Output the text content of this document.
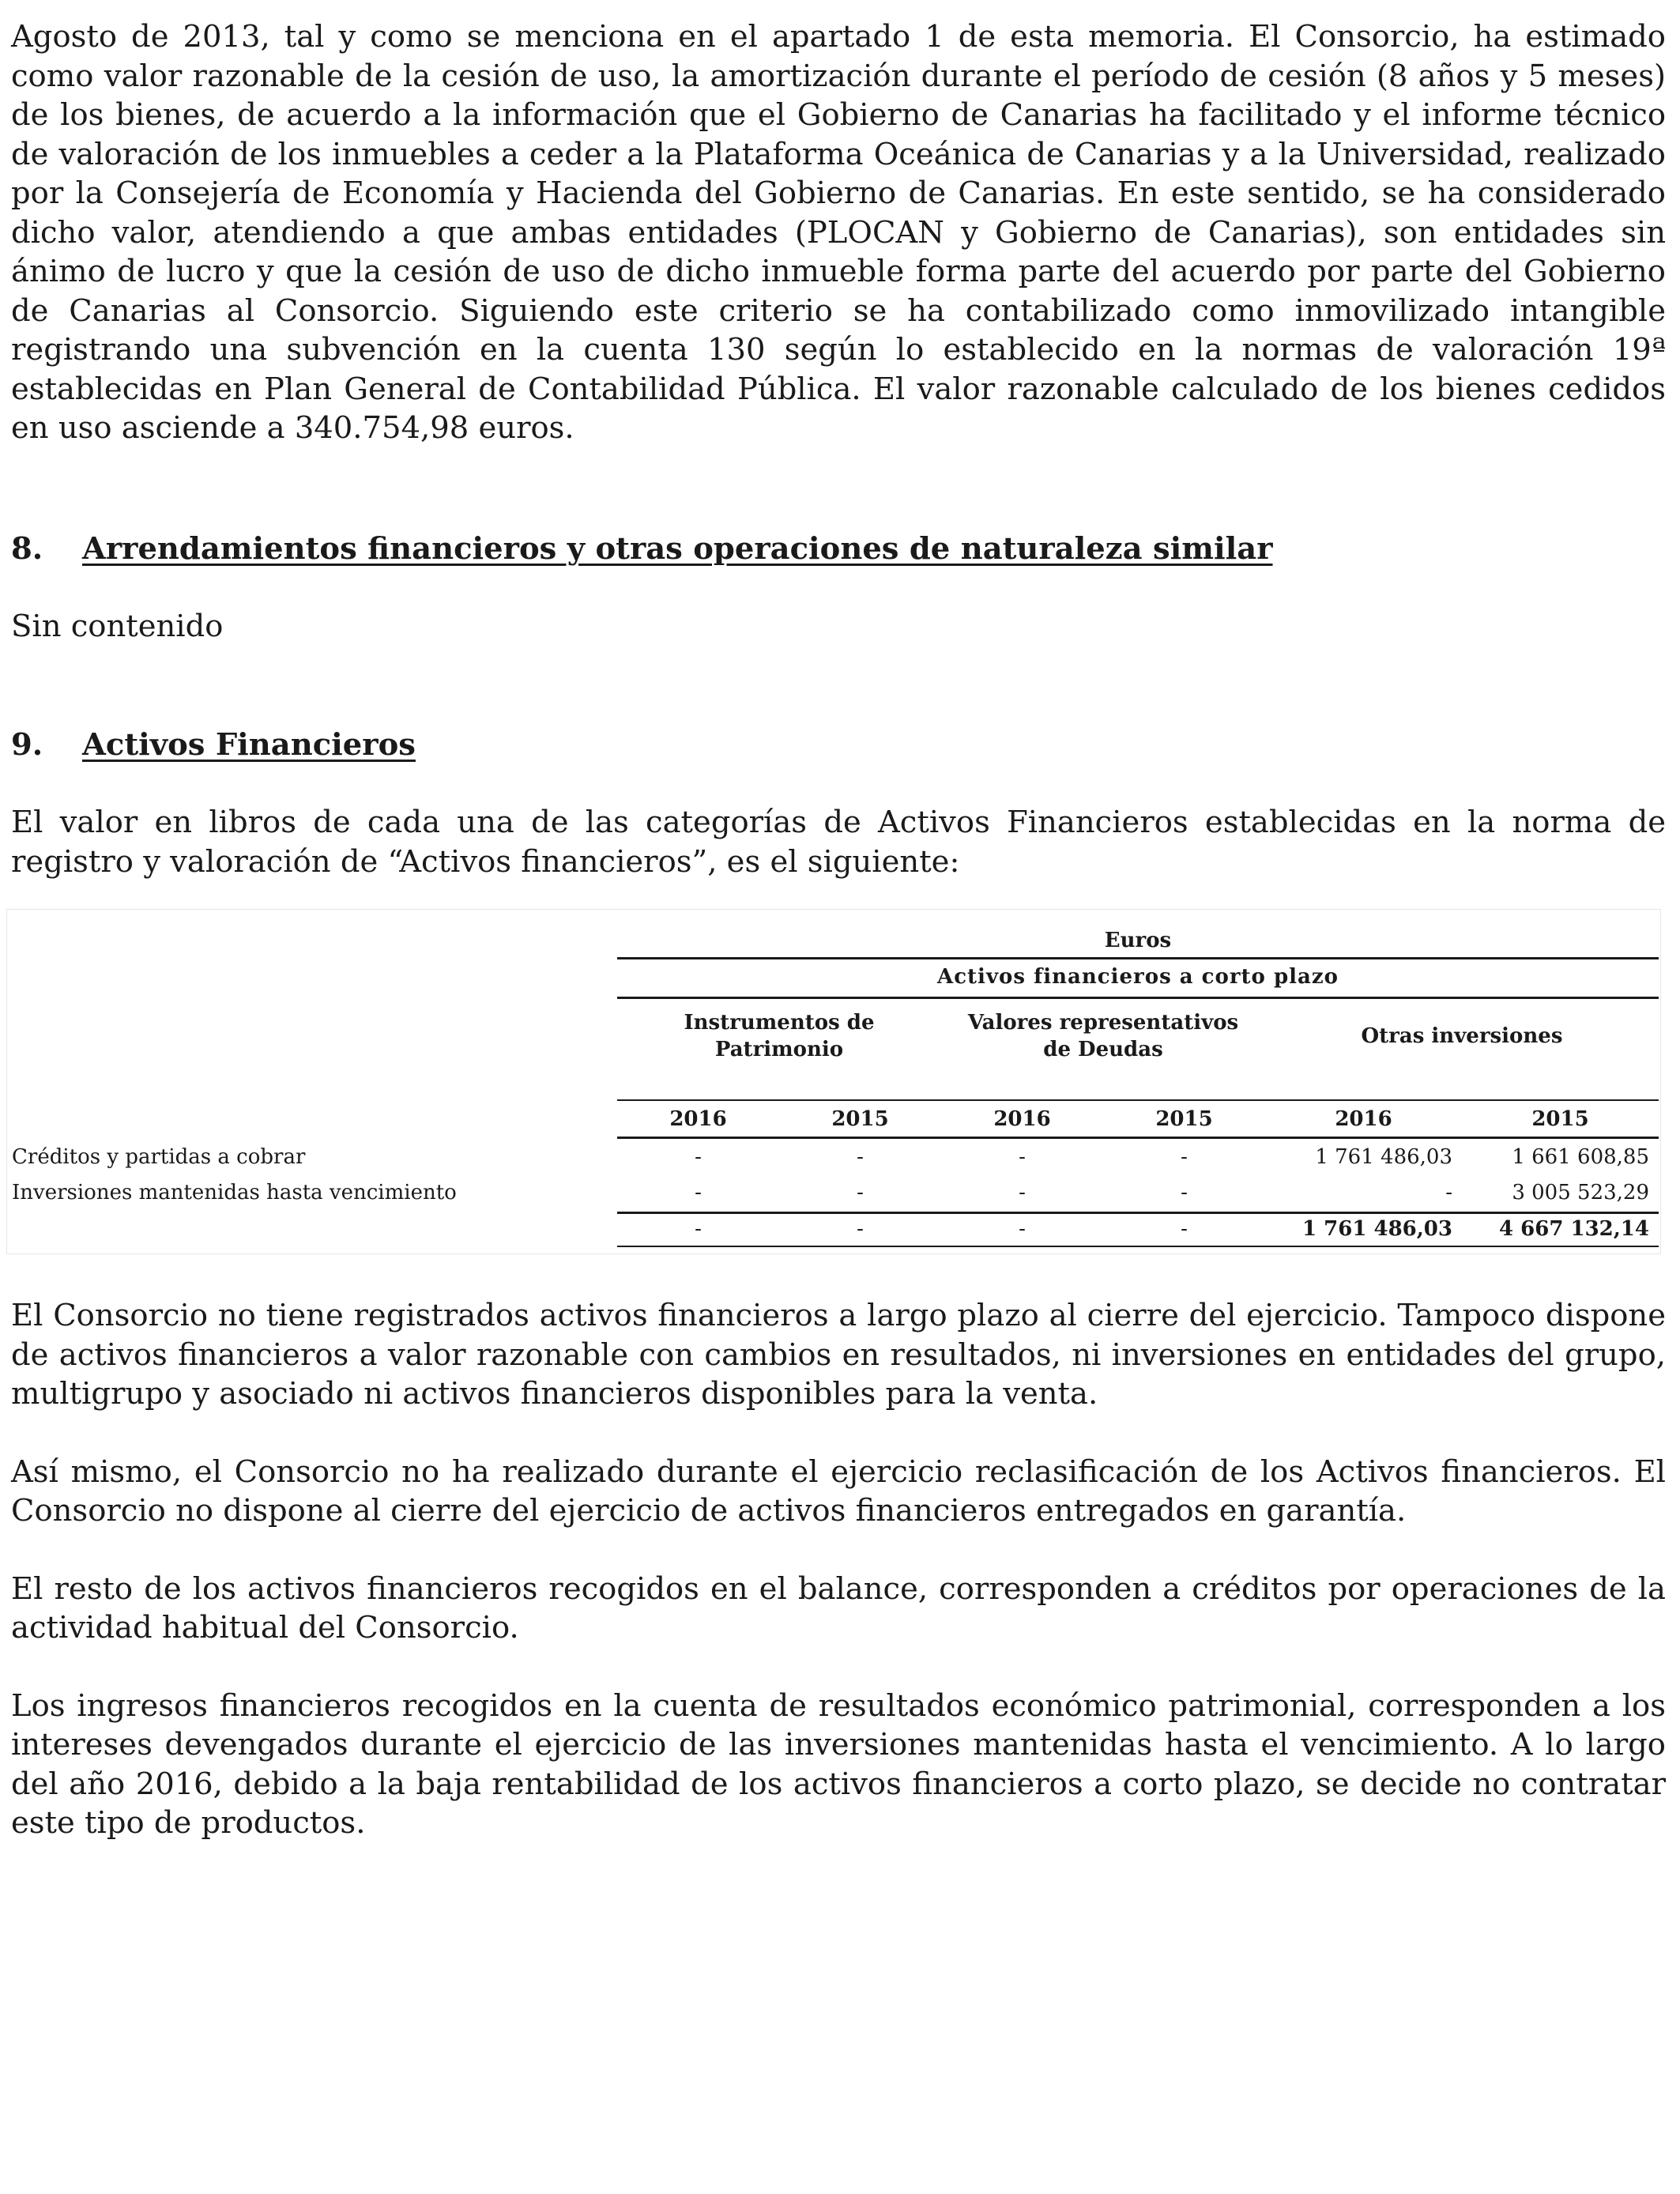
Agosto de 2013, tal y como se menciona en el apartado 1 de esta memoria. El Consorcio, ha estimado como valor razonable de la cesión de uso, la amortización durante el período de cesión (8 años y 5 meses) de los bienes, de acuerdo a la información que el Gobierno de Canarias ha facilitado y el informe técnico de valoración de los inmuebles a ceder a la Plataforma Oceánica de Canarias y a la Universidad, realizado por la Consejería de Economía y Hacienda del Gobierno de Canarias. En este sentido, se ha considerado dicho valor, atendiendo a que ambas entidades (PLOCAN y Gobierno de Canarias), son entidades sin ánimo de lucro y que la cesión de uso de dicho inmueble forma parte del acuerdo por parte del Gobierno de Canarias al Consorcio. Siguiendo este criterio se ha contabilizado como inmovilizado intangible registrando una subvención en la cuenta 130 según lo establecido en la normas de valoración 19ª establecidas en Plan General de Contabilidad Pública. El valor razonable calculado de los bienes cedidos en uso asciende a 340.754,98 euros.

8.	Arrendamientos financieros y otras operaciones de naturaleza similar

Sin contenido

9.	Activos Financieros

El valor en libros de cada una de las categorías de Activos Financieros establecidas en la norma de registro y valoración de “Activos financieros”, es el siguiente:

Euros
Activos financieros a corto plazo
Instrumentos de
Patrimonio
Valores representativos
de Deudas
Otras inversiones
2016	2015	2016	2015	2016	2015
Créditos y partidas a cobrar	-	-	-	-	1 761 486,03	1 661 608,85
Inversiones mantenidas hasta vencimiento	-	-	-	-	-	3 005 523,29
-	-	-	-	1 761 486,03	4 667 132,14

El Consorcio no tiene registrados activos financieros a largo plazo al cierre del ejercicio. Tampoco dispone de activos financieros a valor razonable con cambios en resultados, ni inversiones en entidades del grupo, multigrupo y asociado ni activos financieros disponibles para la venta.

Así mismo, el Consorcio no ha realizado durante el ejercicio reclasificación de los Activos financieros. El Consorcio no dispone al cierre del ejercicio de activos financieros entregados en garantía.

El resto de los activos financieros recogidos en el balance, corresponden a créditos por operaciones de la actividad habitual del Consorcio.

Los ingresos financieros recogidos en la cuenta de resultados económico patrimonial, corresponden a los intereses devengados durante el ejercicio de las inversiones mantenidas hasta el vencimiento. A lo largo del año 2016, debido a la baja rentabilidad de los activos financieros a corto plazo, se decide no contratar este tipo de productos.
